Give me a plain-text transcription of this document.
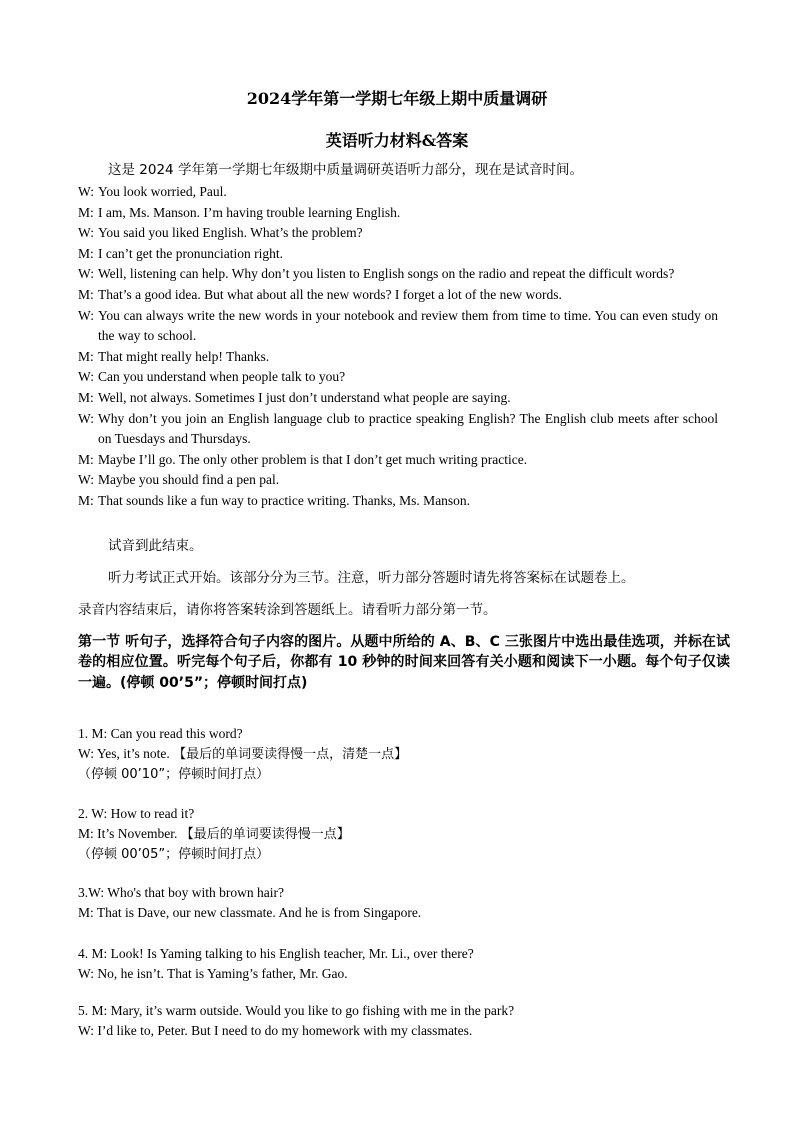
2024学年第一学期七年级上期中质量调研
英语听力材料&答案
这是 2024 学年第一学期七年级期中质量调研英语听力部分，现在是试音时间。
W: You look worried, Paul.
M: I am, Ms. Manson. I’m having trouble learning English.
W: You said you liked English. What’s the problem?
M: I can’t get the pronunciation right.
W: Well, listening can help. Why don’t you listen to English songs on the radio and repeat the difficult words?
M: That’s a good idea. But what about all the new words? I forget a lot of the new words.
W: You can always write the new words in your notebook and review them from time to time. You can even study on the way to school.
M: That might really help! Thanks.
W: Can you understand when people talk to you?
M: Well, not always. Sometimes I just don’t understand what people are saying.
W: Why don’t you join an English language club to practice speaking English? The English club meets after school on Tuesdays and Thursdays.
M: Maybe I’ll go. The only other problem is that I don’t get much writing practice.
W: Maybe you should find a pen pal.
M: That sounds like a fun way to practice writing. Thanks, Ms. Manson.
试音到此结束。
听力考试正式开始。该部分分为三节。注意，听力部分答题时请先将答案标在试题卷上。
录音内容结束后，请你将答案转涂到答题纸上。请看听力部分第一节。
第一节 听句子，选择符合句子内容的图片。从题中所给的 A、B、C 三张图片中选出最佳选项，并标在试卷的相应位置。听完每个句子后，你都有 10 秒钟的时间来回答有关小题和阅读下一小题。每个句子仅读一遍。(停顿 00’5”；停顿时间打点)
1. M: Can you read this word?
W: Yes, it’s note. 【最后的单词要读得慢一点，清楚一点】
（停顿 00’10”；停顿时间打点）
2. W: How to read it?
M: It’s November. 【最后的单词要读得慢一点】
（停顿 00’05”；停顿时间打点）
3.W: Who's that boy with brown hair?
M: That is Dave, our new classmate. And he is from Singapore.
4. M: Look! Is Yaming talking to his English teacher, Mr. Li., over there?
W: No, he isn’t. That is Yaming’s father, Mr. Gao.
5. M: Mary, it’s warm outside. Would you like to go fishing with me in the park?
W: I’d like to, Peter. But I need to do my homework with my classmates.
